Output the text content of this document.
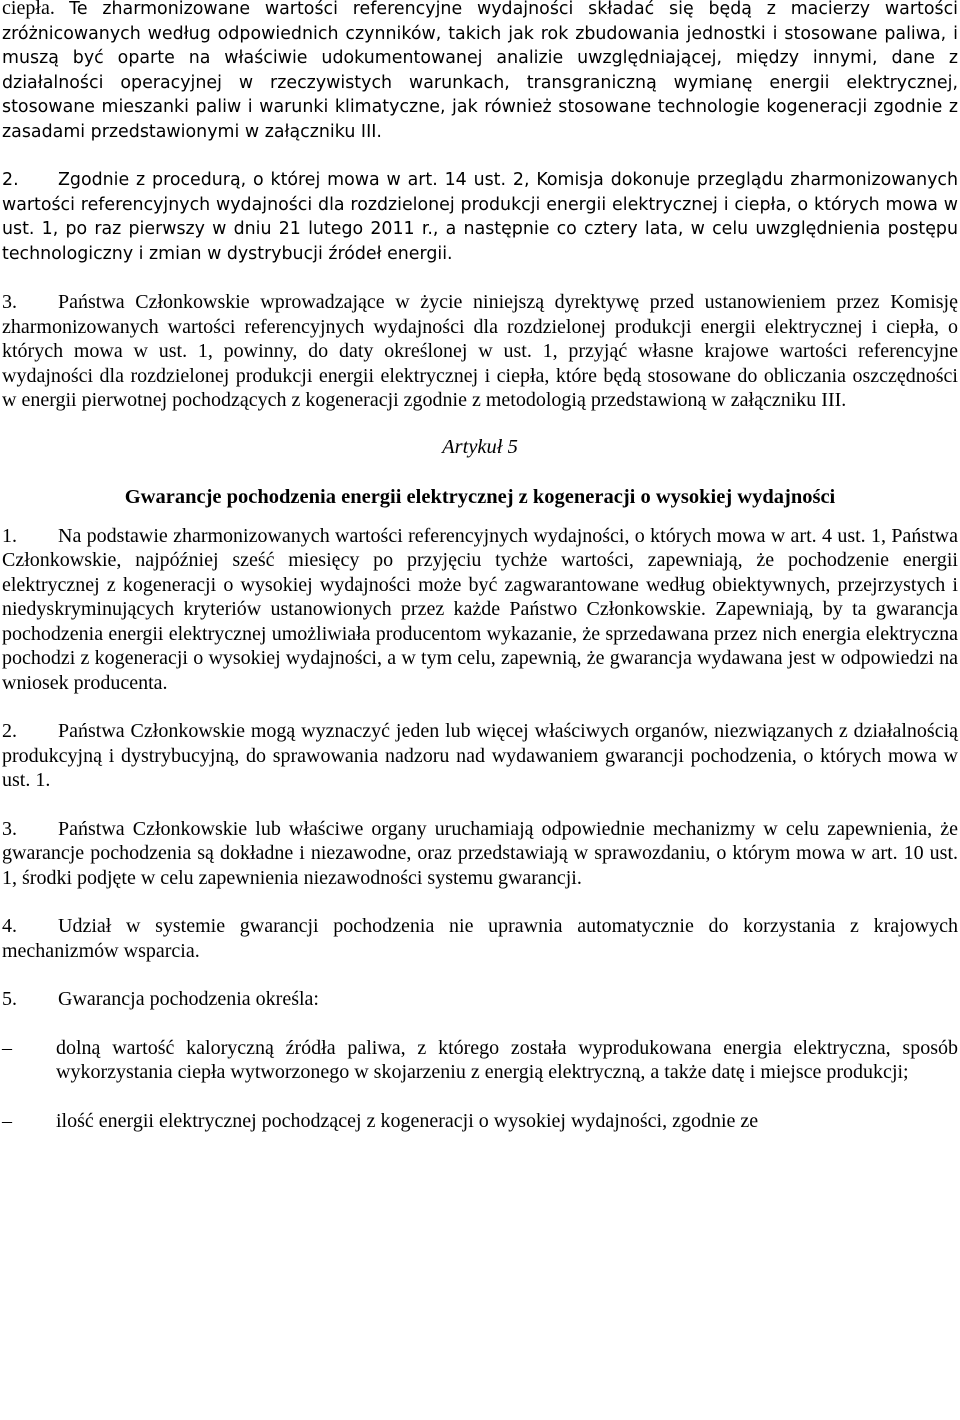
ciepła. Te zharmonizowane wartości referencyjne wydajności składać się będą z macierzy wartości zróżnicowanych według odpowiednich czynników, takich jak rok zbudowania jednostki i stosowane paliwa, i muszą być oparte na właściwie udokumentowanej analizie uwzględniającej, między innymi, dane z działalności operacyjnej w rzeczywistych warunkach, transgraniczną wymianę energii elektrycznej, stosowane mieszanki paliw i warunki klimatyczne, jak również stosowane technologie kogeneracji zgodnie z zasadami przedstawionymi w załączniku III.

2. Zgodnie z procedurą, o której mowa w art. 14 ust. 2, Komisja dokonuje przeglądu zharmonizowanych wartości referencyjnych wydajności dla rozdzielonej produkcji energii elektrycznej i ciepła, o których mowa w ust. 1, po raz pierwszy w dniu 21 lutego 2011 r., a następnie co cztery lata, w celu uwzględnienia postępu technologiczny i zmian w dystrybucji źródeł energii.

3. Państwa Członkowskie wprowadzające w życie niniejszą dyrektywę przed ustanowieniem przez Komisję zharmonizowanych wartości referencyjnych wydajności dla rozdzielonej produkcji energii elektrycznej i ciepła, o których mowa w ust. 1, powinny, do daty określonej w ust. 1, przyjąć własne krajowe wartości referencyjne wydajności dla rozdzielonej produkcji energii elektrycznej i ciepła, które będą stosowane do obliczania oszczędności w energii pierwotnej pochodzących z kogeneracji zgodnie z metodologią przedstawioną w załączniku III.

Artykuł 5
Gwarancje pochodzenia energii elektrycznej z kogeneracji o wysokiej wydajności

1. Na podstawie zharmonizowanych wartości referencyjnych wydajności, o których mowa w art. 4 ust. 1, Państwa Członkowskie, najpóźniej sześć miesięcy po przyjęciu tychże wartości, zapewniają, że pochodzenie energii elektrycznej z kogeneracji o wysokiej wydajności może być zagwarantowane według obiektywnych, przejrzystych i niedyskryminujących kryteriów ustanowionych przez każde Państwo Członkowskie. Zapewniają, by ta gwarancja pochodzenia energii elektrycznej umożliwiała producentom wykazanie, że sprzedawana przez nich energia elektryczna pochodzi z kogeneracji o wysokiej wydajności, a w tym celu, zapewnią, że gwarancja wydawana jest w odpowiedzi na wniosek producenta.

2. Państwa Członkowskie mogą wyznaczyć jeden lub więcej właściwych organów, niezwiązanych z działalnością produkcyjną i dystrybucyjną, do sprawowania nadzoru nad wydawaniem gwarancji pochodzenia, o których mowa w ust. 1.

3. Państwa Członkowskie lub właściwe organy uruchamiają odpowiednie mechanizmy w celu zapewnienia, że gwarancje pochodzenia są dokładne i niezawodne, oraz przedstawiają w sprawozdaniu, o którym mowa w art. 10 ust. 1, środki podjęte w celu zapewnienia niezawodności systemu gwarancji.

4. Udział w systemie gwarancji pochodzenia nie uprawnia automatycznie do korzystania z krajowych mechanizmów wsparcia.

5. Gwarancja pochodzenia określa:

–	dolną wartość kaloryczną źródła paliwa, z którego została wyprodukowana energia elektryczna, sposób wykorzystania ciepła wytworzonego w skojarzeniu z energią elektryczną, a także datę i miejsce produkcji;
–	ilość energii elektrycznej pochodzącej z kogeneracji o wysokiej wydajności, zgodnie ze
